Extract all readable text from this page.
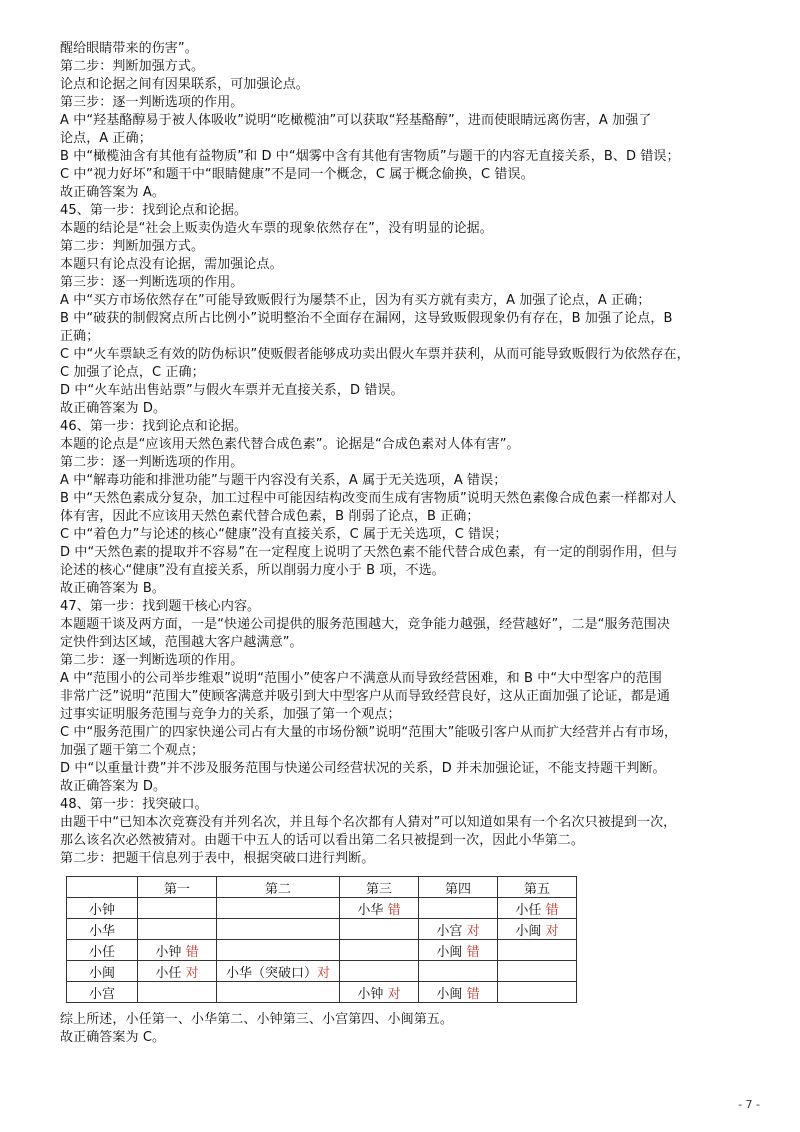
醒给眼睛带来的伤害”。
第二步：判断加强方式。
论点和论据之间有因果联系，可加强论点。
第三步：逐一判断选项的作用。
A 中“羟基酪醇易于被人体吸收”说明“吃橄榄油”可以获取“羟基酪醇”，进而使眼睛远离伤害，A 加强了
论点，A 正确；
B 中“橄榄油含有其他有益物质”和 D 中“烟雾中含有其他有害物质”与题干的内容无直接关系，B、D 错误；
C 中“视力好坏”和题干中“眼睛健康”不是同一个概念，C 属于概念偷换，C 错误。
故正确答案为 A。
45、第一步：找到论点和论据。
本题的结论是“社会上贩卖伪造火车票的现象依然存在”，没有明显的论据。
第二步：判断加强方式。
本题只有论点没有论据，需加强论点。
第三步：逐一判断选项的作用。
A 中“买方市场依然存在”可能导致贩假行为屡禁不止，因为有买方就有卖方，A 加强了论点，A 正确；
B 中“破获的制假窝点所占比例小”说明整治不全面存在漏网，这导致贩假现象仍有存在，B 加强了论点，B
正确；
C 中“火车票缺乏有效的防伪标识”使贩假者能够成功卖出假火车票并获利，从而可能导致贩假行为依然存在，
C 加强了论点，C 正确；
D 中“火车站出售站票”与假火车票并无直接关系，D 错误。
故正确答案为 D。
46、第一步：找到论点和论据。
本题的论点是“应该用天然色素代替合成色素”。论据是“合成色素对人体有害”。
第二步：逐一判断选项的作用。
A 中“解毒功能和排泄功能”与题干内容没有关系，A 属于无关选项，A 错误；
B 中“天然色素成分复杂，加工过程中可能因结构改变而生成有害物质”说明天然色素像合成色素一样都对人
体有害，因此不应该用天然色素代替合成色素，B 削弱了论点，B 正确；
C 中“着色力”与论述的核心“健康”没有直接关系，C 属于无关选项，C 错误；
D 中“天然色素的提取并不容易”在一定程度上说明了天然色素不能代替合成色素，有一定的削弱作用，但与
论述的核心“健康”没有直接关系，所以削弱力度小于 B 项，不选。
故正确答案为 B。
47、第一步：找到题干核心内容。
本题题干谈及两方面，一是“快递公司提供的服务范围越大，竞争能力越强，经营越好”，二是“服务范围决
定快件到达区域，范围越大客户越满意”。
第二步：逐一判断选项的作用。
A 中“范围小的公司举步维艰”说明“范围小”使客户不满意从而导致经营困难，和 B 中“大中型客户的范围
非常广泛”说明“范围大”使顾客满意并吸引到大中型客户从而导致经营良好，这从正面加强了论证，都是通
过事实证明服务范围与竞争力的关系，加强了第一个观点；
C 中“服务范围广的四家快递公司占有大量的市场份额”说明“范围大”能吸引客户从而扩大经营并占有市场，
加强了题干第二个观点；
D 中“以重量计费”并不涉及服务范围与快递公司经营状况的关系，D 并未加强论证，不能支持题干判断。
故正确答案为 D。
48、第一步：找突破口。
由题干中“已知本次竞赛没有并列名次，并且每个名次都有人猜对”可以知道如果有一个名次只被提到一次，
那么该名次必然被猜对。由题干中五人的话可以看出第二名只被提到一次，因此小华第二。
第二步：把题干信息列于表中，根据突破口进行判断。
	第一	第二	第三	第四	第五
小钟			小华 错		小任 错
小华				小宫 对	小闽 对
小任	小钟 错			小闽 错	
小闽	小任 对	小华（突破口）对			
小宫			小钟 对	小闽 错	
综上所述，小任第一、小华第二、小钟第三、小宫第四、小闽第五。
故正确答案为 C。
- 7 -
